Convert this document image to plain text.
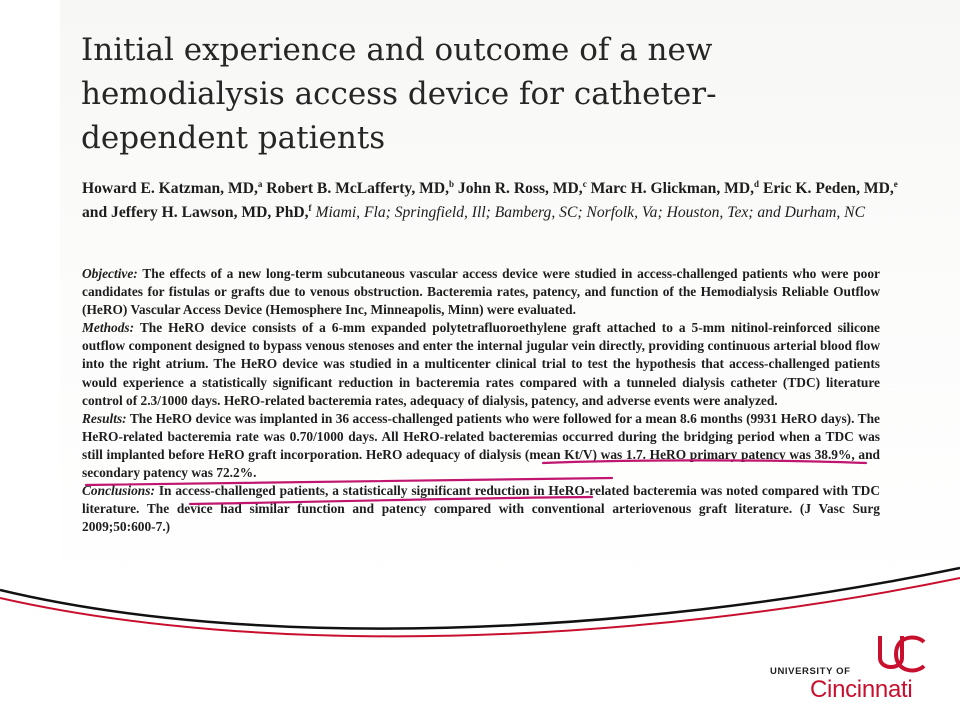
Initial experience and outcome of a new hemodialysis access device for catheter-dependent patients
Howard E. Katzman, MD,$^a$ Robert B. McLafferty, MD,$^b$ John R. Ross, MD,$^c$ Marc H. Glickman, MD,$^d$ Eric K. Peden, MD,$^e$ and Jeffery H. Lawson, MD, PhD,$^f$ Miami, Fla; Springfield, Ill; Bamberg, SC; Norfolk, Va; Houston, Tex; and Durham, NC

Objective: The effects of a new long-term subcutaneous vascular access device were studied in access-challenged patients who were poor candidates for fistulas or grafts due to venous obstruction. Bacteremia rates, patency, and function of the Hemodialysis Reliable Outflow (HeRO) Vascular Access Device (Hemosphere Inc, Minneapolis, Minn) were evaluated.

Methods: The HeRO device consists of a 6-mm expanded polytetrafluoroethylene graft attached to a 5-mm nitinol-reinforced silicone outflow component designed to bypass venous stenoses and enter the internal jugular vein directly, providing continuous arterial blood flow into the right atrium. The HeRO device was studied in a multicenter clinical trial to test the hypothesis that access-challenged patients would experience a statistically significant reduction in bacteremia rates compared with a tunneled dialysis catheter (TDC) literature control of 2.3/1000 days. HeRO-related bacteremia rates, adequacy of dialysis, patency, and adverse events were analyzed.

Results: The HeRO device was implanted in 36 access-challenged patients who were followed for a mean 8.6 months (9931 HeRO days). The HeRO-related bacteremia rate was 0.70/1000 days. All HeRO-related bacteremias occurred during the bridging period when a TDC was still implanted before HeRO graft incorporation. HeRO adequacy of dialysis (mean Kt/V) was 1.7. HeRO primary patency was 38.9%, and secondary patency was 72.2%.

Conclusions: In access-challenged patients, a statistically significant reduction in HeRO-related bacteremia was noted compared with TDC literature. The device had similar function and patency compared with conventional arteriovenous graft literature. (J Vasc Surg 2009;50:600-7.)

UNIVERSITY OF
Cincinnati
